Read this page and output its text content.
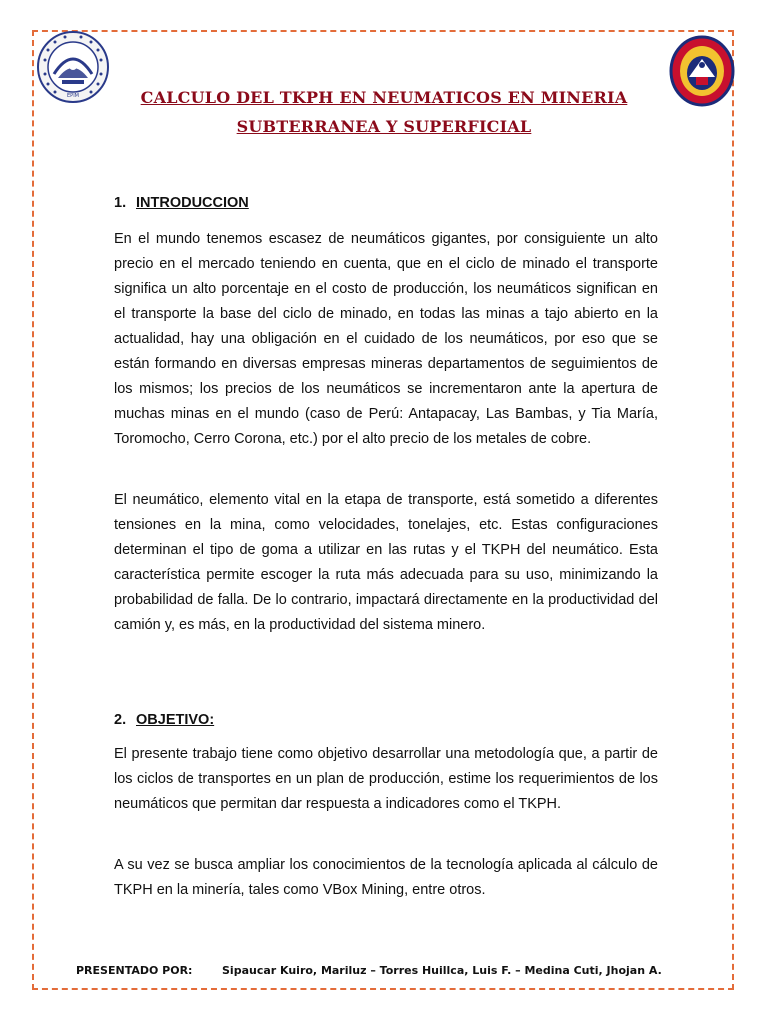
EPIM	CALCULO DEL TKPH EN NEUMATICOS EN MINERIA
SUBTERRANEA Y SUPERFICIAL
1. INTRODUCCION

En el mundo tenemos escasez de neumáticos gigantes, por consiguiente un alto precio en el mercado teniendo en cuenta, que en el ciclo de minado el transporte significa un alto porcentaje en el costo de producción, los neumáticos significan en el transporte la base del ciclo de minado, en todas las minas a tajo abierto en la actualidad, hay una obligación en el cuidado de los neumáticos, por eso que se están formando en diversas empresas mineras departamentos de seguimientos de los mismos; los precios de los neumáticos se incrementaron ante la apertura de muchas minas en el mundo (caso de Perú: Antapacay, Las Bambas, y Tia María, Toromocho, Cerro Corona, etc.) por el alto precio de los metales de cobre.

El neumático, elemento vital en la etapa de transporte, está sometido a diferentes tensiones en la mina, como velocidades, tonelajes, etc. Estas configuraciones determinan el tipo de goma a utilizar en las rutas y el TKPH del neumático. Esta característica permite escoger la ruta más adecuada para su uso, minimizando la probabilidad de falla. De lo contrario, impactará directamente en la productividad del camión y, es más, en la productividad del sistema minero.

2. OBJETIVO:

El presente trabajo tiene como objetivo desarrollar una metodología que, a partir de los ciclos de transportes en un plan de producción, estime los requerimientos de los neumáticos que permitan dar respuesta a indicadores como el TKPH.

A su vez se busca ampliar los conocimientos de la tecnología aplicada al cálculo de TKPH en la minería, tales como VBox Mining, entre otros.

PRESENTADO POR:	Sipaucar Kuiro, Mariluz – Torres Huillca, Luis F. – Medina Cuti, Jhojan A.
